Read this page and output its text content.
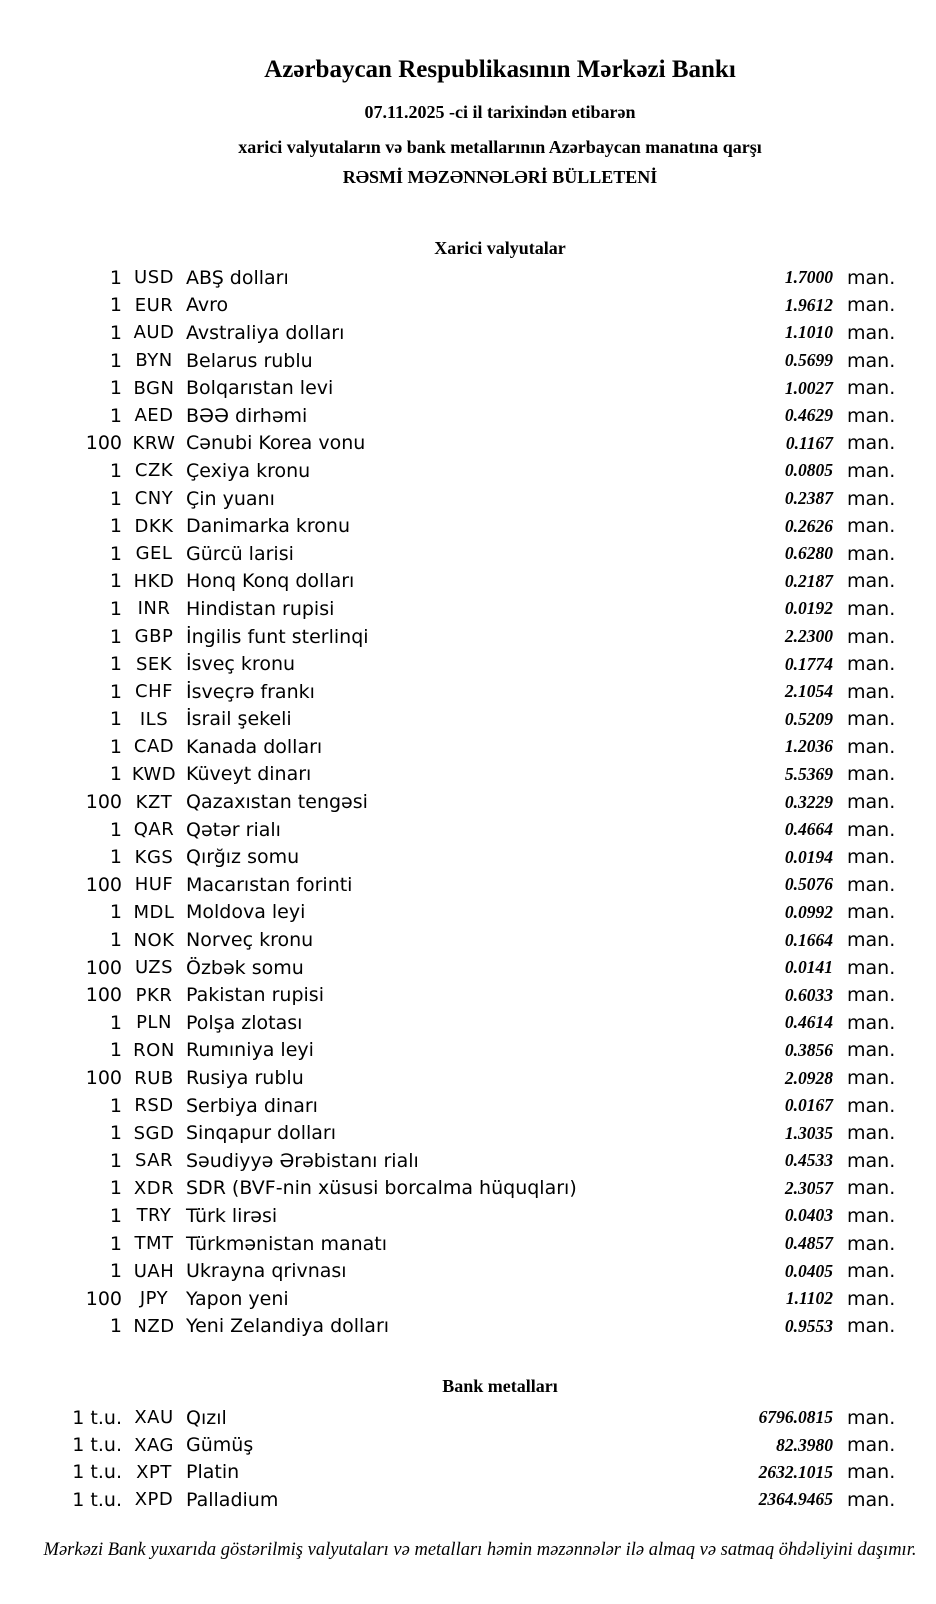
Azərbaycan Respublikasının Mərkəzi Bankı
07.11.2025 -ci il tarixindən etibarən
xarici valyutaların və bank metallarının Azərbaycan manatına qarşı
RƏSMİ MƏZƏNNƏLƏRİ BÜLLETENİ
Xarici valyutalar
1 USD ABŞ dolları	1.7000 man.
1 EUR Avro	1.9612 man.
1 AUD Avstraliya dolları	1.1010 man.
1 BYN Belarus rublu	0.5699 man.
1 BGN Bolqarıstan levi	1.0027 man.
1 AED BƏƏ dirhəmi	0.4629 man.
100 KRW Cənubi Korea vonu	0.1167 man.
1 CZK Çexiya kronu	0.0805 man.
1 CNY Çin yuanı	0.2387 man.
1 DKK Danimarka kronu	0.2626 man.
1 GEL Gürcü larisi	0.6280 man.
1 HKD Honq Konq dolları	0.2187 man.
1 INR Hindistan rupisi	0.0192 man.
1 GBP İngilis funt sterlinqi	2.2300 man.
1 SEK İsveç kronu	0.1774 man.
1 CHF İsveçrə frankı	2.1054 man.
1 ILS İsrail şekeli	0.5209 man.
1 CAD Kanada dolları	1.2036 man.
1 KWD Küveyt dinarı	5.5369 man.
100 KZT Qazaxıstan tengəsi	0.3229 man.
1 QAR Qətər rialı	0.4664 man.
1 KGS Qırğız somu	0.0194 man.
100 HUF Macarıstan forinti	0.5076 man.
1 MDL Moldova leyi	0.0992 man.
1 NOK Norveç kronu	0.1664 man.
100 UZS Özbək somu	0.0141 man.
100 PKR Pakistan rupisi	0.6033 man.
1 PLN Polşa zlotası	0.4614 man.
1 RON Rumıniya leyi	0.3856 man.
100 RUB Rusiya rublu	2.0928 man.
1 RSD Serbiya dinarı	0.0167 man.
1 SGD Sinqapur dolları	1.3035 man.
1 SAR Səudiyyə Ərəbistanı rialı	0.4533 man.
1 XDR SDR (BVF-nin xüsusi borcalma hüquqları)	2.3057 man.
1 TRY Türk lirəsi	0.0403 man.
1 TMT Türkmənistan manatı	0.4857 man.
1 UAH Ukrayna qrivnası	0.0405 man.
100 JPY Yapon yeni	1.1102 man.
1 NZD Yeni Zelandiya dolları	0.9553 man.
Bank metalları
1 t.u. XAU Qızıl	6796.0815 man.
1 t.u. XAG Gümüş	82.3980 man.
1 t.u. XPT Platin	2632.1015 man.
1 t.u. XPD Palladium	2364.9465 man.
Mərkəzi Bank yuxarıda göstərilmiş valyutaları və metalları həmin məzənnələr ilə almaq və satmaq öhdəliyini daşımır.
